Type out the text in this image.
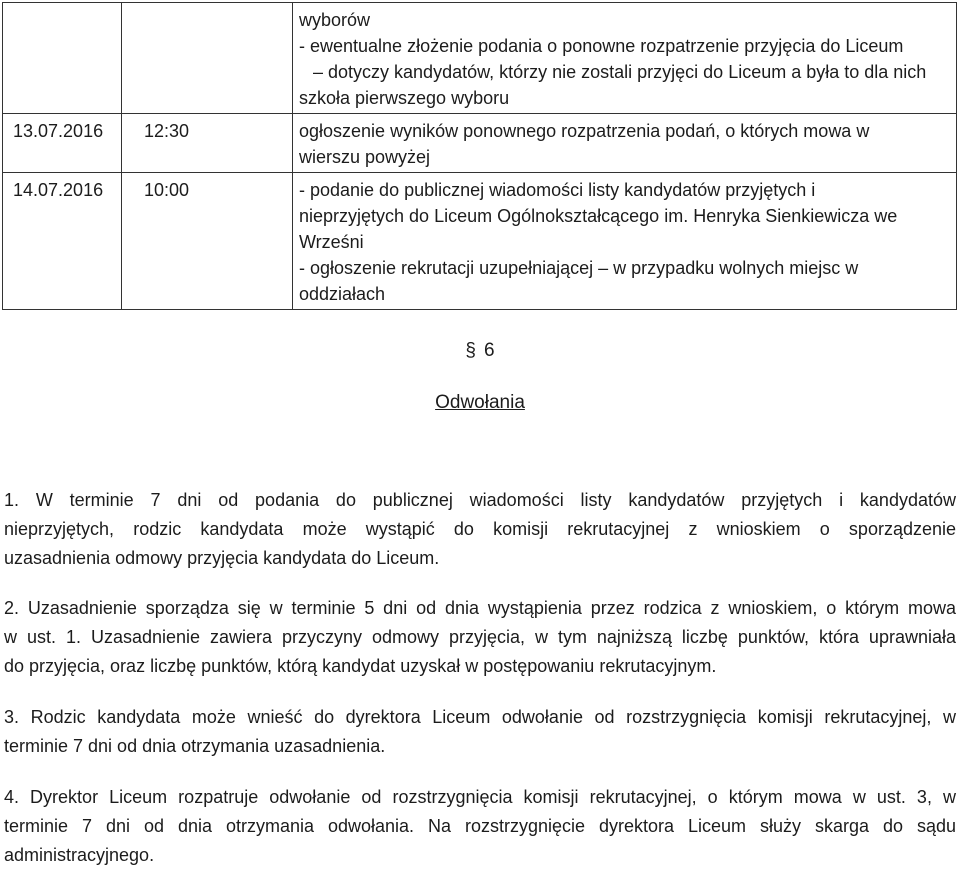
		wyborów
- ewentualne złożenie podania o ponowne rozpatrzenie przyjęcia do Liceum
– dotyczy kandydatów, którzy nie zostali przyjęci do Liceum a była to dla nich
szkoła pierwszego wyboru

13.07.2016	12:30	ogłoszenie wyników ponownego rozpatrzenia podań, o których mowa w
wierszu powyżej

14.07.2016	10:00	- podanie do publicznej wiadomości listy kandydatów przyjętych i
nieprzyjętych do Liceum Ogólnokształcącego im. Henryka Sienkiewicza we
Wrześni
- ogłoszenie rekrutacji uzupełniającej – w przypadku wolnych miejsc w
oddziałach
§ 6
Odwołania
1. W terminie 7 dni od podania do publicznej wiadomości listy kandydatów przyjętych i kandydatów
nieprzyjętych, rodzic kandydata może wystąpić do komisji rekrutacyjnej z wnioskiem o sporządzenie
uzasadnienia odmowy przyjęcia kandydata do Liceum.
2. Uzasadnienie sporządza się w terminie 5 dni od dnia wystąpienia przez rodzica z wnioskiem, o którym mowa
w ust. 1. Uzasadnienie zawiera przyczyny odmowy przyjęcia, w tym najniższą liczbę punktów, która uprawniała
do przyjęcia, oraz liczbę punktów, którą kandydat uzyskał w postępowaniu rekrutacyjnym.
3. Rodzic kandydata może wnieść do dyrektora Liceum odwołanie od rozstrzygnięcia komisji rekrutacyjnej, w
terminie 7 dni od dnia otrzymania uzasadnienia.
4. Dyrektor Liceum rozpatruje odwołanie od rozstrzygnięcia komisji rekrutacyjnej, o którym mowa w ust. 3, w
terminie 7 dni od dnia otrzymania odwołania. Na rozstrzygnięcie dyrektora Liceum służy skarga do sądu
administracyjnego.
